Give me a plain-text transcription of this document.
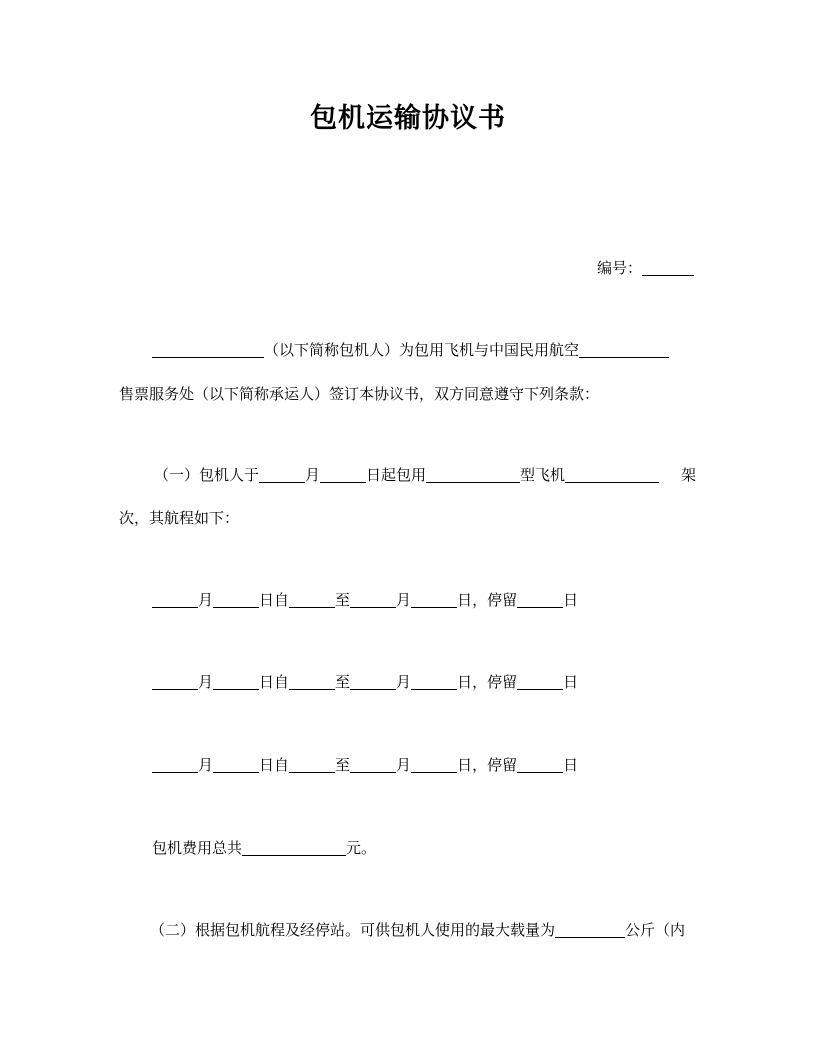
包机运输协议书
编号：
（以下简称包机人）为包用飞机与中国民用航空
售票服务处（以下简称承运人）签订本协议书，双方同意遵守下列条款：
（一）包机人于	月	日起包用	型飞机	架
次，其航程如下：
月	日自	至	月	日，停留	日
月	日自	至	月	日，停留	日
月	日自	至	月	日，停留	日
包机费用总共	元。
（二）根据包机航程及经停站。可供包机人使用的最大载量为	公斤（内
